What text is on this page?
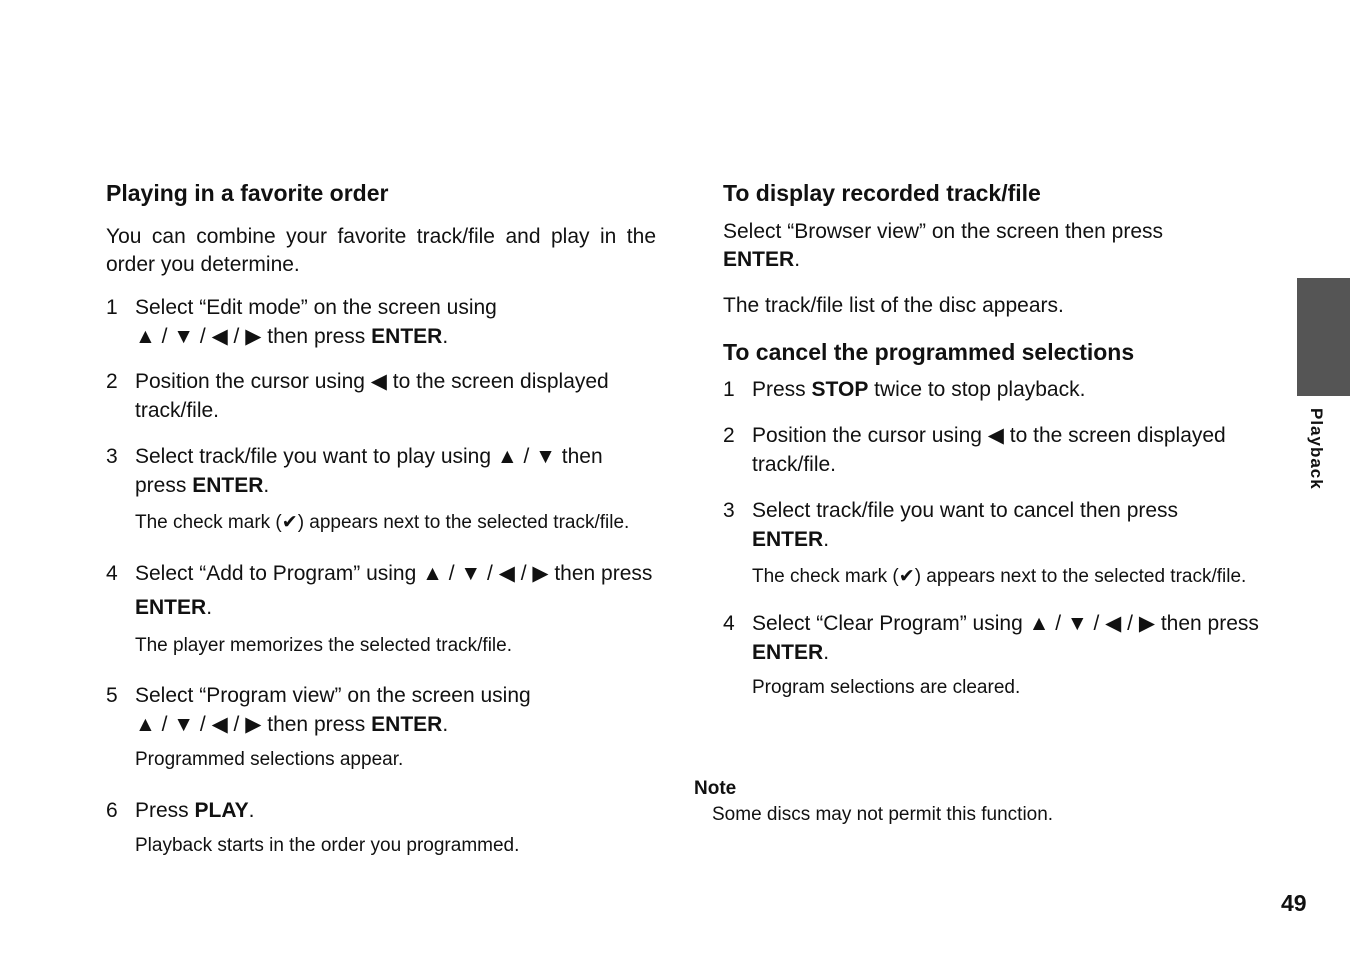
Playing in a favorite order

You can combine your favorite track/file and play in the order you determine.

1 Select “Edit mode” on the screen using
▲ / ▼ / ◀ / ▶ then press ENTER.
2 Position the cursor using ◀ to the screen displayed track/file.
3 Select track/file you want to play using ▲ / ▼ then press ENTER.

The check mark (✔) appears next to the selected track/file.

4 Select “Add to Program” using ▲ / ▼ / ◀ / ▶ then press ENTER.

The player memorizes the selected track/file.

5 Select “Program view” on the screen using
▲ / ▼ / ◀ / ▶ then press ENTER.

Programmed selections appear.

6 Press PLAY.

Playback starts in the order you programmed.

To display recorded track/file

Select “Browser view” on the screen then press
ENTER.

The track/file list of the disc appears.

To cancel the programmed selections
1 Press STOP twice to stop playback.
2 Position the cursor using ◀ to the screen displayed track/file.
3 Select track/file you want to cancel then press
ENTER.

The check mark (✔) appears next to the selected track/file.

4 Select “Clear Program” using ▲ / ▼ / ◀ / ▶ then press ENTER.

Program selections are cleared.

Note

Some discs may not permit this function.

Playback
49
